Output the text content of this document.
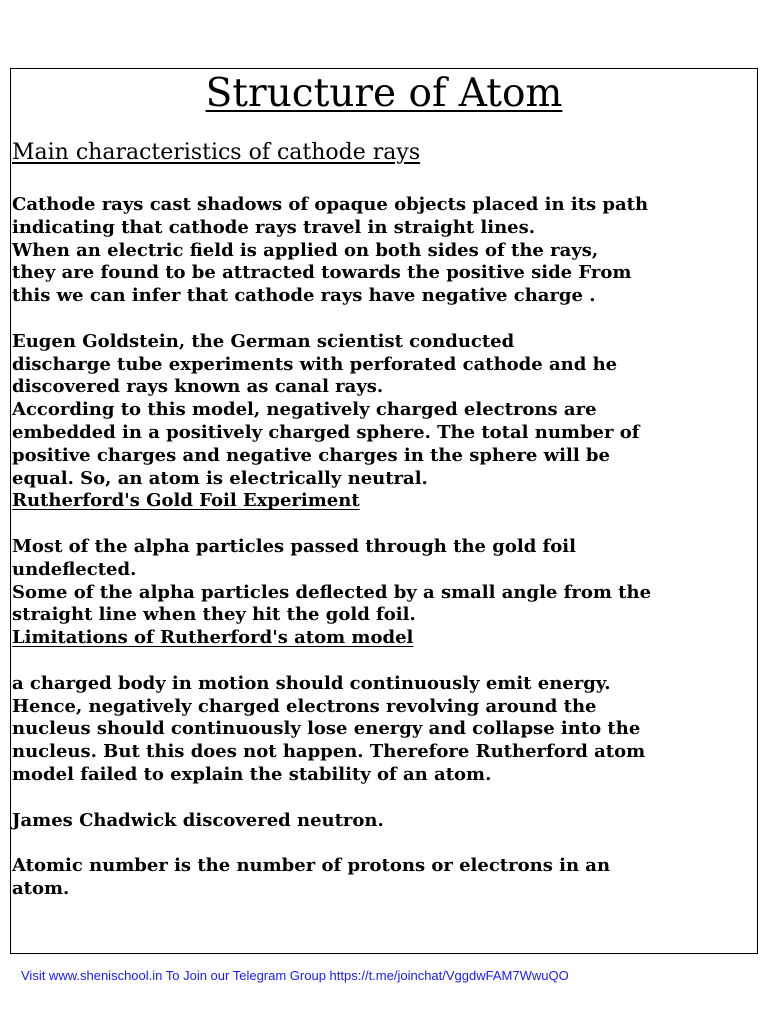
Structure of Atom
Main characteristics of cathode rays

Cathode rays cast shadows of opaque objects placed in its path
indicating that cathode rays travel in straight lines.
When an electric field is applied on both sides of the rays,
they are found to be attracted towards the positive side From
this we can infer that cathode rays have negative charge .

Eugen Goldstein, the German scientist conducted
discharge tube experiments with perforated cathode and he
discovered rays known as canal rays.
According to this model, negatively charged electrons are
embedded in a positively charged sphere. The total number of
positive charges and negative charges in the sphere will be
equal. So, an atom is electrically neutral.
Rutherford's Gold Foil Experiment

Most of the alpha particles passed through the gold foil
undeflected.
Some of the alpha particles deflected by a small angle from the
straight line when they hit the gold foil.
Limitations of Rutherford's atom model

a charged body in motion should continuously emit energy.
Hence, negatively charged electrons revolving around the
nucleus should continuously lose energy and collapse into the
nucleus. But this does not happen. Therefore Rutherford atom
model failed to explain the stability of an atom.

James Chadwick discovered neutron.

Atomic number is the number of protons or electrons in an
atom.

Visit www.shenischool.in To Join our Telegram Group https://t.me/joinchat/VggdwFAM7WwuQO
